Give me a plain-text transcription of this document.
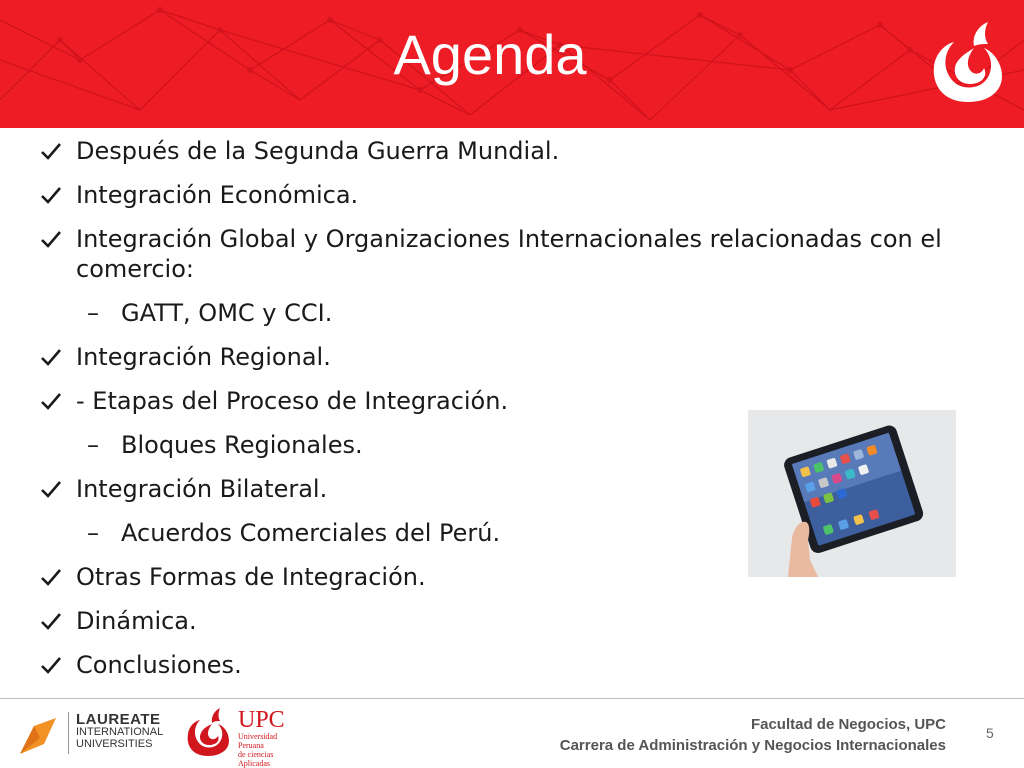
Agenda
Después de la Segunda Guerra Mundial.
Integración Económica.
Integración Global y Organizaciones Internacionales relacionadas con el comercio:
– GATT, OMC y CCI.
Integración Regional.
- Etapas del Proceso de Integración.
– Bloques Regionales.
Integración Bilateral.
– Acuerdos Comerciales del Perú.
Otras Formas de Integración.
Dinámica.
Conclusiones.
LAUREATE
INTERNATIONAL
UNIVERSITIES
UPC
Universidad Peruana
de ciencias Aplicadas
Facultad de Negocios, UPC
Carrera de Administración y Negocios Internacionales
5
